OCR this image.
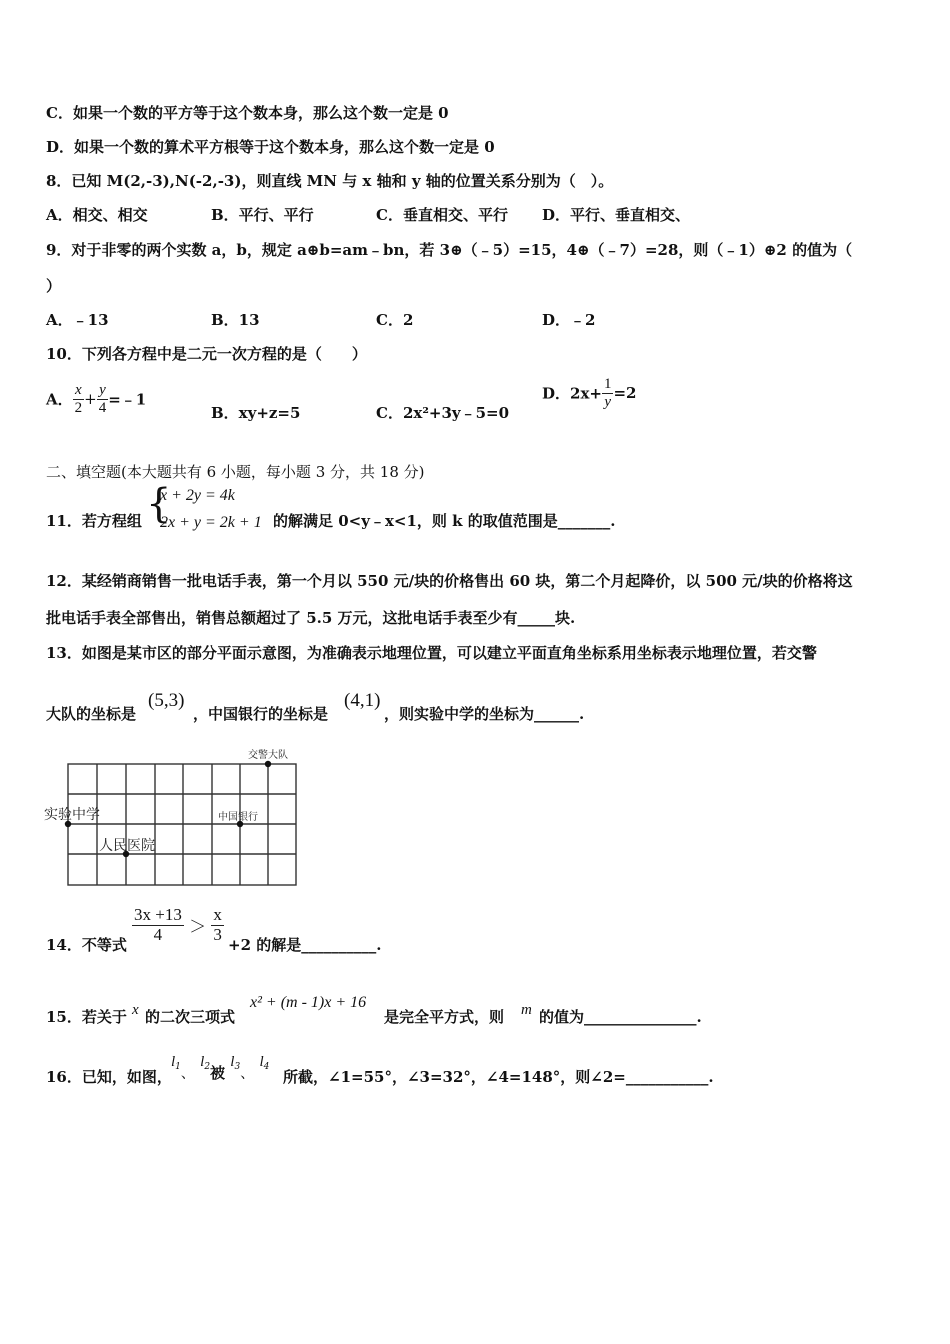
C．如果一个数的平方等于这个数本身，那么这个数一定是 0
D．如果一个数的算术平方根等于这个数本身，那么这个数一定是 0
8．已知 M(2,-3),N(-2,-3)，则直线 MN 与 x 轴和 y 轴的位置关系分别为（　）。
A．相交、相交	B．平行、平行	C．垂直相交、平行 D．平行、垂直相交、
9．对于非零的两个实数 a，b，规定 a⊕b=am﹣bn，若 3⊕（﹣5）=15，4⊕（﹣7）=28，则（﹣1）⊕2 的值为（
）
A．﹣13	B．13	C．2	D．﹣2
10．下列各方程中是二元一次方程的是（　　）
A． $\frac{x}{2} + \frac{y}{4}$ =﹣1
B．xy+z=5	C．2x²+3y﹣5=0
D．$2x+ \frac{1}{y} =2$
二、填空题(本大题共有 6 小题，每小题 3 分，共 18 分)
11．若方程组 {
x + 2y = 4k
2x + y = 2k + 1 的解满足 0<y﹣x<1，则 k 的取值范围是_______.
12．某经销商销售一批电话手表，第一个月以 550 元/块的价格售出 60 块，第二个月起降价，以 500 元/块的价格将这
批电话手表全部售出，销售总额超过了 5.5 万元，这批电话手表至少有_____块.
13．如图是某市区的部分平面示意图，为准确表示地理位置，可以建立平面直角坐标系用坐标表示地理位置，若交警
大队的坐标是
(5,3)
，中国银行的坐标是
(4,1)
，则实验中学的坐标为______.
交警大队
实验中学	中国银行
人民医院
14．不等式
$\frac{3x +13}{4} > \frac{x}{3}$
+2 的解是__________.
15．若关于 x 的二次三项式
x² + (m - 1)x + 16
是完全平方式，则 m 的值为_______________.
16．已知，如图，
$l_1$、 $l_2$被 $l_3$、 $l_4$
所截，∠1=55°，∠3=32°，∠4=148°，则∠2=___________.
